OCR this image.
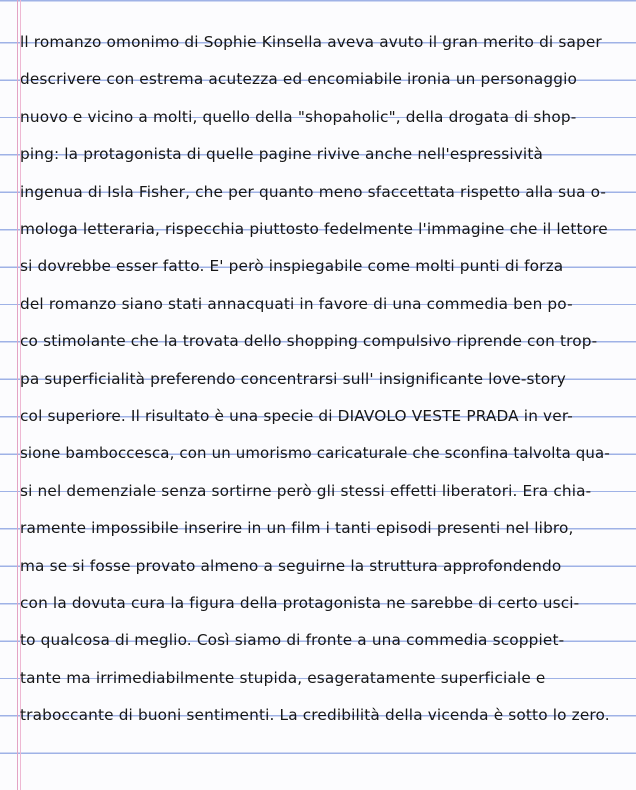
ll romanzo omonimo di Sophie Kinsella aveva avuto il gran merito di saper
descrivere con estrema acutezza ed encomiabile ironia un personaggio
nuovo e vicino a molti, quello della "shopaholic", della drogata di shop-
ping: la protagonista di quelle pagine rivive anche nell'espressività
ingenua di Isla Fisher, che per quanto meno sfaccettata rispetto alla sua o-
mologa letteraria, rispecchia piuttosto fedelmente l'immagine che il lettore
si dovrebbe esser fatto. E' però inspiegabile come molti punti di forza
del romanzo siano stati annacquati in favore di una commedia ben po-
co stimolante che la trovata dello shopping compulsivo riprende con trop-
pa superficialità preferendo concentrarsi sull' insignificante love-story
col superiore. Il risultato è una specie di DIAVOLO VESTE PRADA in ver-
sione bamboccesca, con un umorismo caricaturale che sconfina talvolta qua-
si nel demenziale senza sortirne però gli stessi effetti liberatori. Era chia-
ramente impossibile inserire in un film i tanti episodi presenti nel libro,
ma se si fosse provato almeno a seguirne la struttura approfondendo
con la dovuta cura la figura della protagonista ne sarebbe di certo usci-
to qualcosa di meglio. Così siamo di fronte a una commedia scoppiet-
tante ma irrimediabilmente stupida, esageratamente superficiale e
traboccante di buoni sentimenti. La credibilità della vicenda è sotto lo zero.
